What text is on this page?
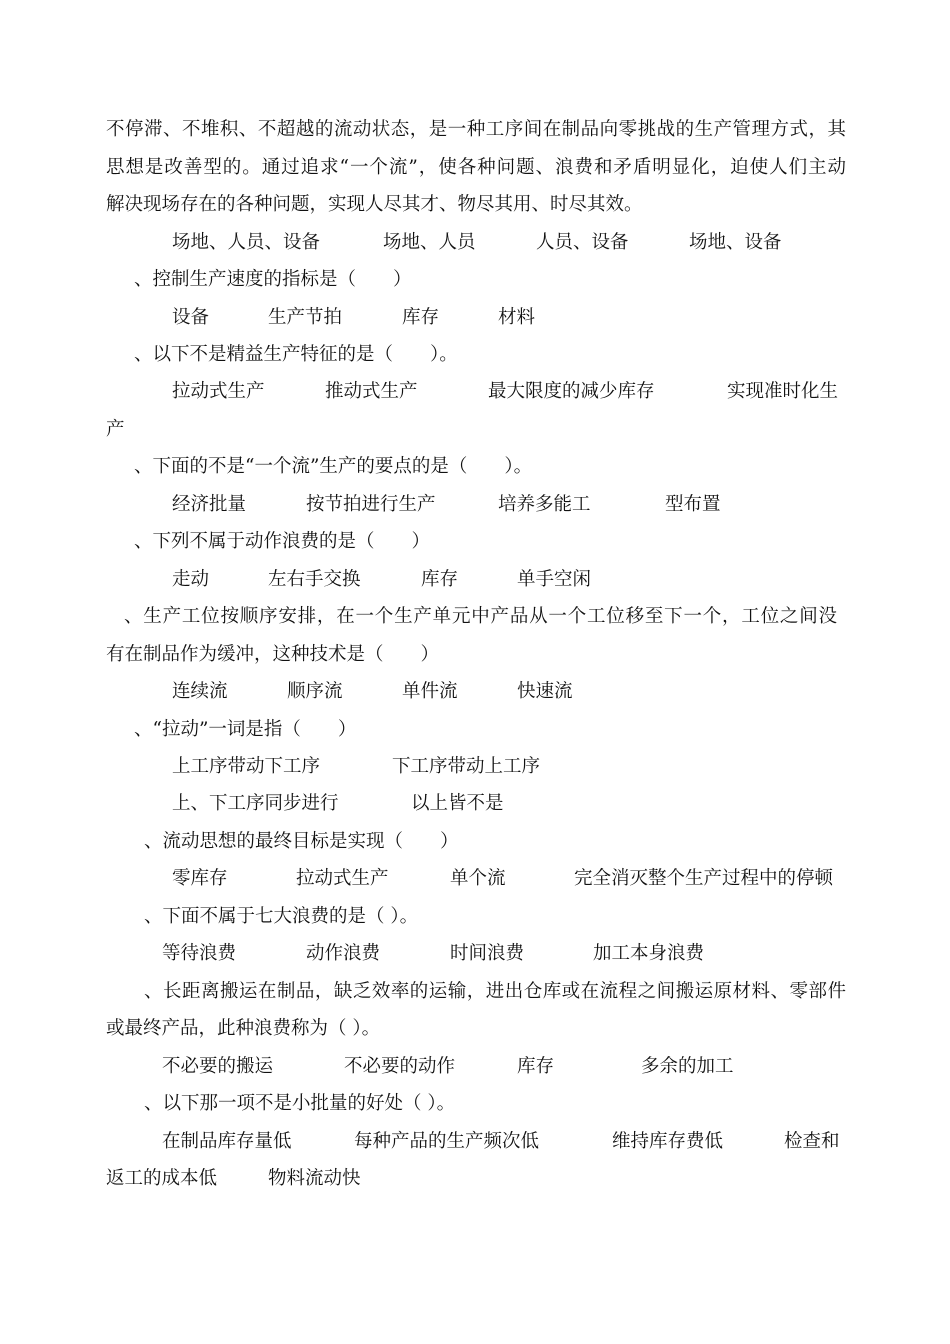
不停滞、不堆积、不超越的流动状态，是一种工序间在制品向零挑战的生产管理方式，其
思想是改善型的。通过追求“一个流”，使各种问题、浪费和矛盾明显化，迫使人们主动
解决现场存在的各种问题，实现人尽其才、物尽其用、时尽其效。
场地、人员、设备	场地、人员	人员、设备	场地、设备
、控制生产速度的指标是（　　）
设备	生产节拍	库存	材料
、以下不是精益生产特征的是（　　）。
拉动式生产	推动式生产	最大限度的减少库存	实现准时化生
产
、下面的不是“一个流”生产的要点的是（　　）。
经济批量	按节拍进行生产	培养多能工	型布置
、下列不属于动作浪费的是（　　）
走动	左右手交换	库存	单手空闲
、生产工位按顺序安排，在一个生产单元中产品从一个工位移至下一个，工位之间没
有在制品作为缓冲，这种技术是（　　）
连续流	顺序流	单件流	快速流
、“拉动”一词是指（　　）
上工序带动下工序	下工序带动上工序
上、下工序同步进行	以上皆不是
、流动思想的最终目标是实现（　　）
零库存	拉动式生产	单个流	完全消灭整个生产过程中的停顿
、下面不属于七大浪费的是（ ）。
等待浪费	动作浪费	时间浪费	加工本身浪费
、长距离搬运在制品，缺乏效率的运输，进出仓库或在流程之间搬运原材料、零部件
或最终产品，此种浪费称为（ ）。
不必要的搬运	不必要的动作	库存	多余的加工
、以下那一项不是小批量的好处（ ）。
在制品库存量低	每种产品的生产频次低	维持库存费低	检查和
返工的成本低	物料流动快
